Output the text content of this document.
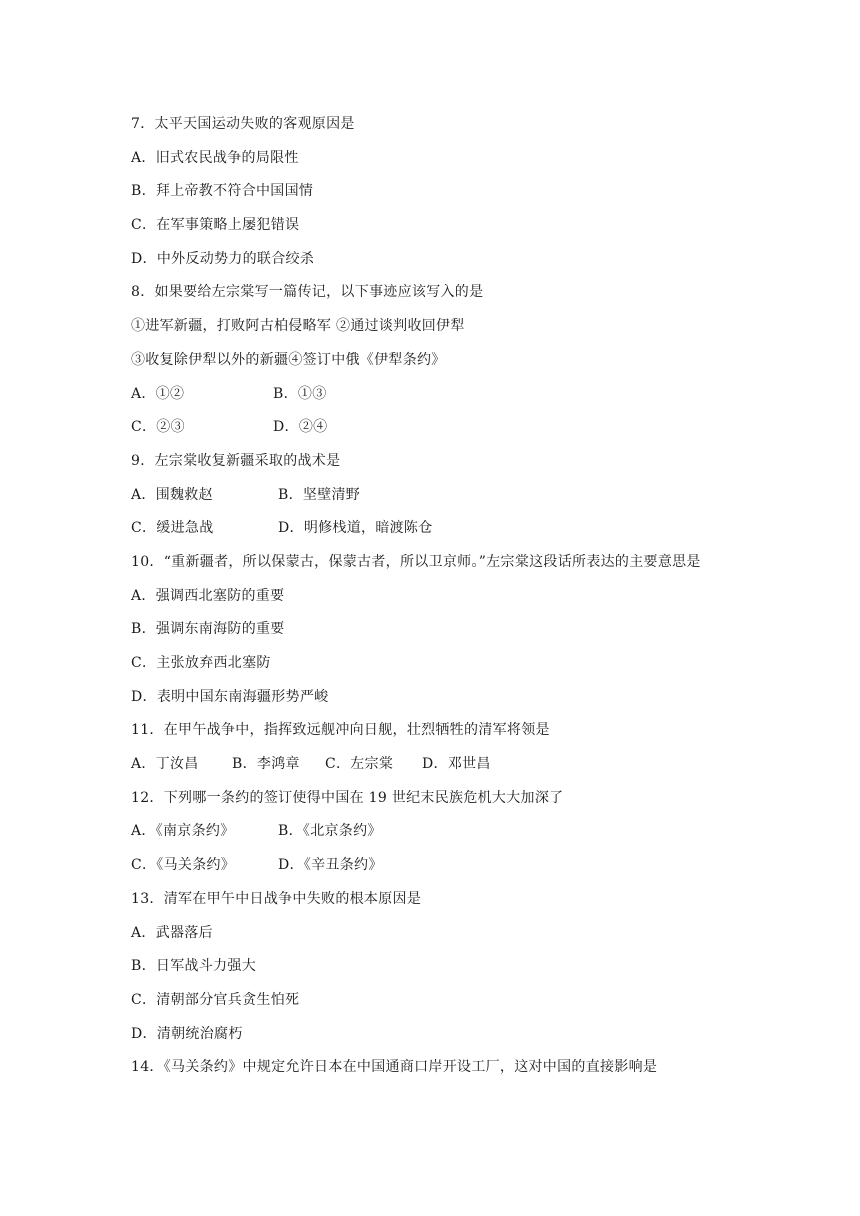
7．太平天国运动失败的客观原因是
A．旧式农民战争的局限性
B．拜上帝教不符合中国国情
C．在军事策略上屡犯错误
D．中外反动势力的联合绞杀
8．如果要给左宗棠写一篇传记，以下事迹应该写入的是
①进军新疆，打败阿古柏侵略军 ②通过谈判收回伊犁
③收复除伊犁以外的新疆④签订中俄《伊犁条约》
A．①②	B．①③
C．②③	D．②④
9．左宗棠收复新疆采取的战术是
A．围魏救赵	B．坚壁清野
C．缓进急战	D．明修栈道，暗渡陈仓
10．“重新疆者，所以保蒙古，保蒙古者，所以卫京师。”左宗棠这段话所表达的主要意思是
A．强调西北塞防的重要
B．强调东南海防的重要
C．主张放弃西北塞防
D．表明中国东南海疆形势严峻
11．在甲午战争中，指挥致远舰冲向日舰，壮烈牺牲的清军将领是
A．丁汝昌	B．李鸿章	C．左宗棠	D．邓世昌
12．下列哪一条约的签订使得中国在 19 世纪末民族危机大大加深了
A．《南京条约》	B．《北京条约》
C．《马关条约》	D．《辛丑条约》
13．清军在甲午中日战争中失败的根本原因是
A．武器落后
B．日军战斗力强大
C．清朝部分官兵贪生怕死
D．清朝统治腐朽
14．《马关条约》中规定允许日本在中国通商口岸开设工厂，这对中国的直接影响是
